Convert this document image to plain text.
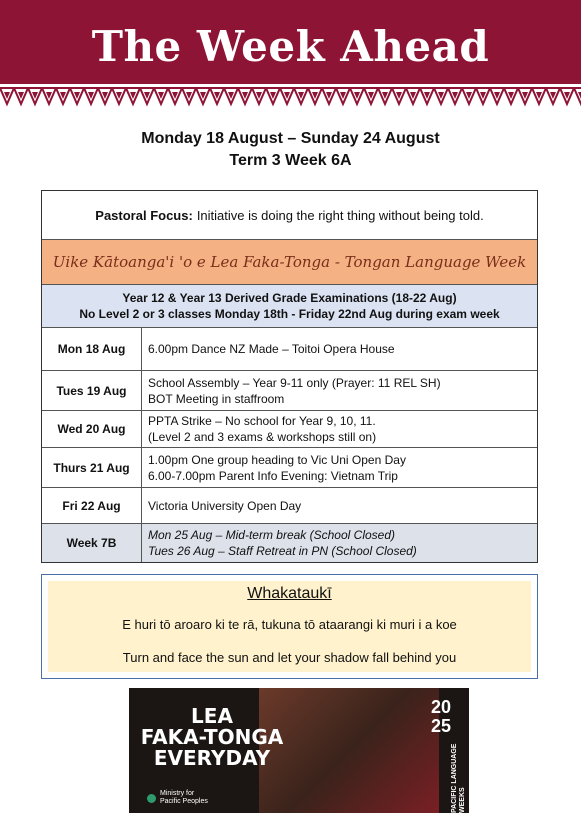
The Week Ahead
Monday 18 August – Sunday 24 August
Term 3 Week 6A
Pastoral Focus: Initiative is doing the right thing without being told.
Uike Kātoanga'i 'o e Lea Faka-Tonga - Tongan Language Week
Year 12 & Year 13 Derived Grade Examinations (18-22 Aug)
No Level 2 or 3 classes Monday 18th - Friday 22nd Aug during exam week
Mon 18 Aug	6.00pm Dance NZ Made – Toitoi Opera House
Tues 19 Aug
School Assembly – Year 9-11 only (Prayer: 11 REL SH)
BOT Meeting in staffroom
Wed 20 Aug
PPTA Strike – No school for Year 9, 10, 11.
(Level 2 and 3 exams & workshops still on)
Thurs 21 Aug
1.00pm One group heading to Vic Uni Open Day
6.00-7.00pm Parent Info Evening: Vietnam Trip
Fri 22 Aug	Victoria University Open Day
Week 7B
Mon 25 Aug – Mid-term break (School Closed)
Tues 26 Aug – Staff Retreat in PN (School Closed)
Whakataukī
E huri tō aroaro ki te rā, tukuna tō ataarangi ki muri i a koe
Turn and face the sun and let your shadow fall behind you
LEA
FAKA-TONGA
EVERYDAY
20
25
PACIFIC LANGUAGE WEEKS
Ministry for
Pacific Peoples
